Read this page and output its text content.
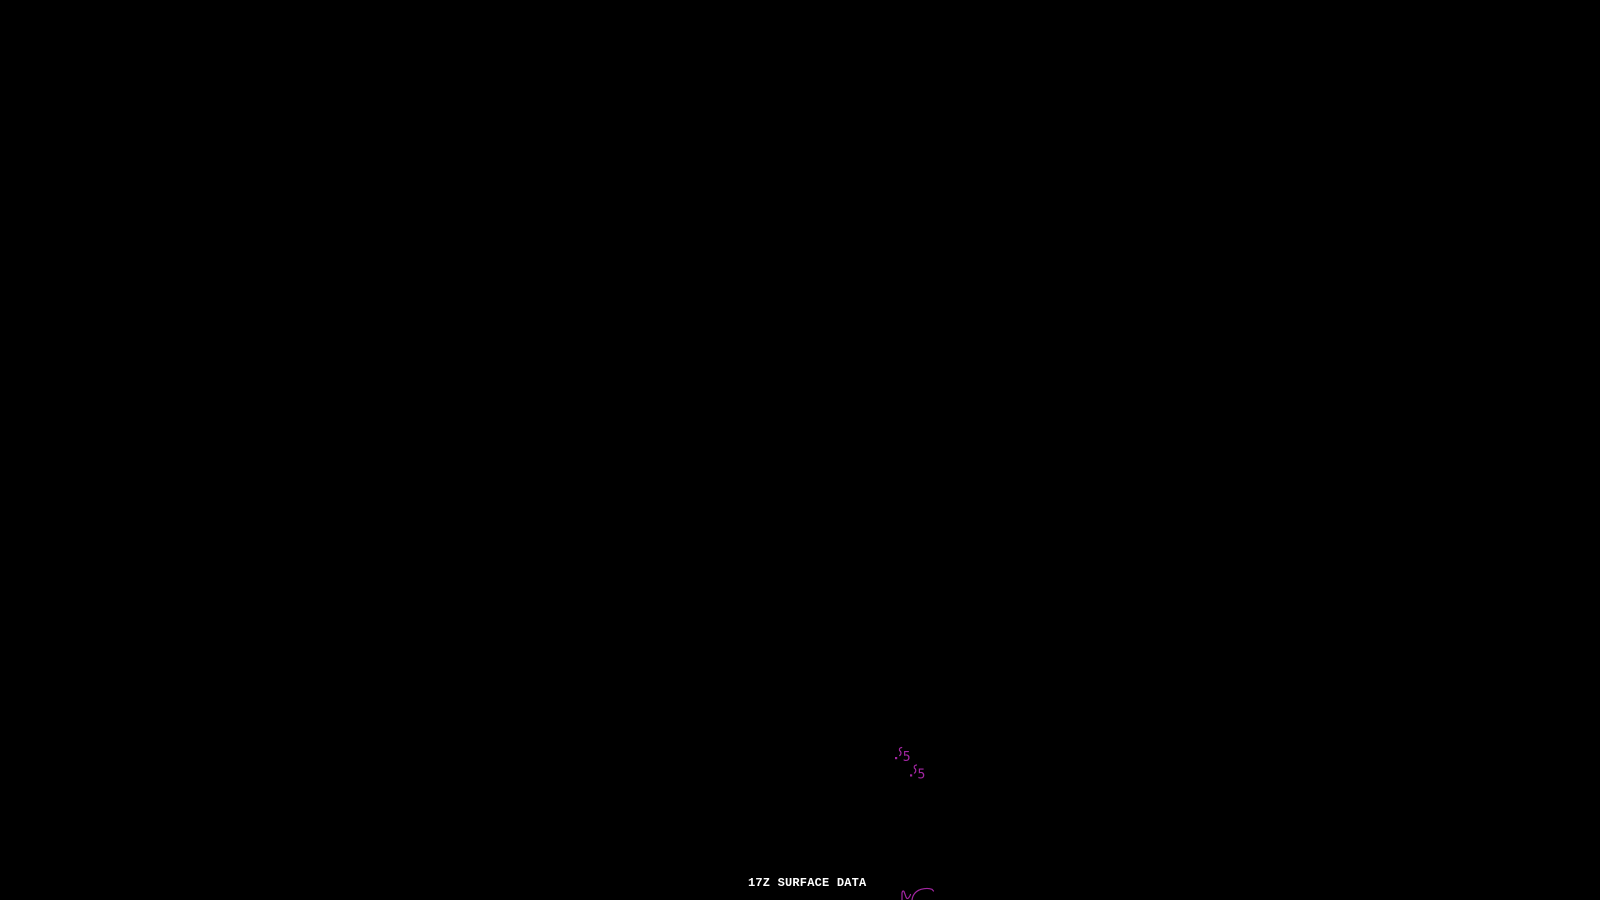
5
5
17Z SURFACE DATA
